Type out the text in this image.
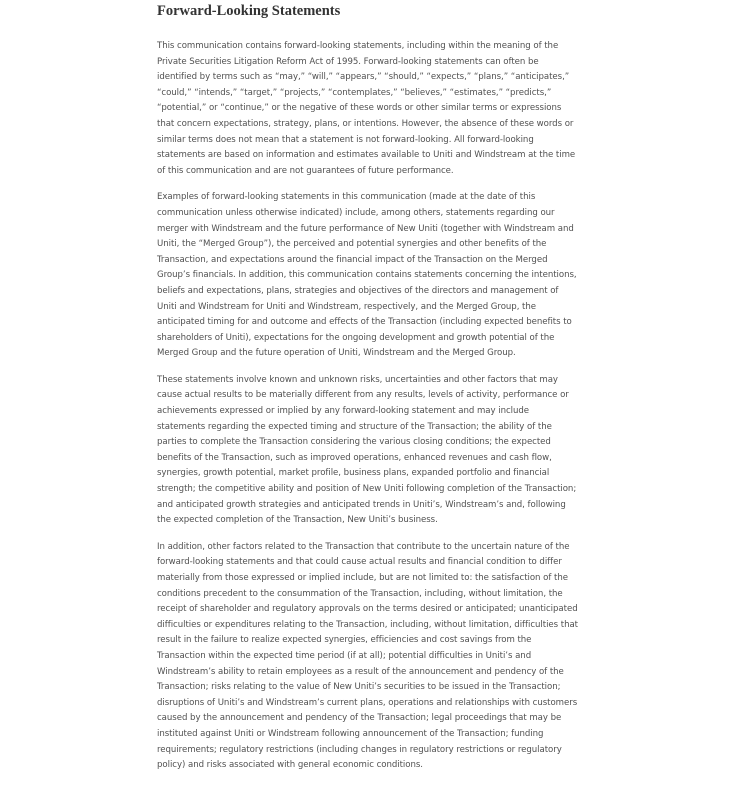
Forward-Looking Statements

This communication contains forward-looking statements, including within the meaning of the Private Securities Litigation Reform Act of 1995. Forward-looking statements can often be identified by terms such as “may,” “will,” “appears,” “should,” “expects,” “plans,” “anticipates,” “could,” “intends,” “target,” “projects,” “contemplates,” “believes,” “estimates,” “predicts,” “potential,” or “continue,” or the negative of these words or other similar terms or expressions that concern expectations, strategy, plans, or intentions. However, the absence of these words or similar terms does not mean that a statement is not forward-looking. All forward-looking statements are based on information and estimates available to Uniti and Windstream at the time of this communication and are not guarantees of future performance.

Examples of forward-looking statements in this communication (made at the date of this communication unless otherwise indicated) include, among others, statements regarding our merger with Windstream and the future performance of New Uniti (together with Windstream and Uniti, the “Merged Group”), the perceived and potential synergies and other benefits of the Transaction, and expectations around the financial impact of the Transaction on the Merged Group’s financials. In addition, this communication contains statements concerning the intentions, beliefs and expectations, plans, strategies and objectives of the directors and management of Uniti and Windstream for Uniti and Windstream, respectively, and the Merged Group, the anticipated timing for and outcome and effects of the Transaction (including expected benefits to shareholders of Uniti), expectations for the ongoing development and growth potential of the Merged Group and the future operation of Uniti, Windstream and the Merged Group.

These statements involve known and unknown risks, uncertainties and other factors that may cause actual results to be materially different from any results, levels of activity, performance or achievements expressed or implied by any forward-looking statement and may include statements regarding the expected timing and structure of the Transaction; the ability of the parties to complete the Transaction considering the various closing conditions; the expected benefits of the Transaction, such as improved operations, enhanced revenues and cash flow, synergies, growth potential, market profile, business plans, expanded portfolio and financial strength; the competitive ability and position of New Uniti following completion of the Transaction; and anticipated growth strategies and anticipated trends in Uniti’s, Windstream’s and, following the expected completion of the Transaction, New Uniti’s business.

In addition, other factors related to the Transaction that contribute to the uncertain nature of the forward-looking statements and that could cause actual results and financial condition to differ materially from those expressed or implied include, but are not limited to: the satisfaction of the conditions precedent to the consummation of the Transaction, including, without limitation, the receipt of shareholder and regulatory approvals on the terms desired or anticipated; unanticipated difficulties or expenditures relating to the Transaction, including, without limitation, difficulties that result in the failure to realize expected synergies, efficiencies and cost savings from the Transaction within the expected time period (if at all); potential difficulties in Uniti’s and Windstream’s ability to retain employees as a result of the announcement and pendency of the Transaction; risks relating to the value of New Uniti’s securities to be issued in the Transaction; disruptions of Uniti’s and Windstream’s current plans, operations and relationships with customers caused by the announcement and pendency of the Transaction; legal proceedings that may be instituted against Uniti or Windstream following announcement of the Transaction; funding requirements; regulatory restrictions (including changes in regulatory restrictions or regulatory policy) and risks associated with general economic conditions.
